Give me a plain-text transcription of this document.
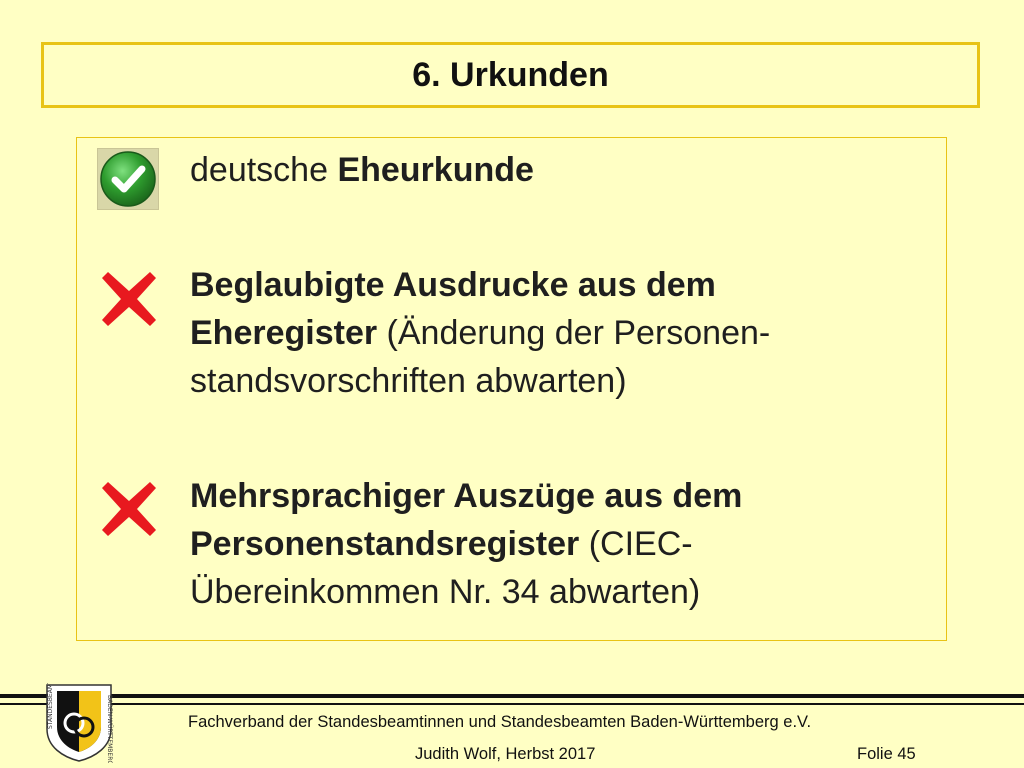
6. Urkunden
deutsche Eheurkunde
Beglaubigte Ausdrucke aus dem Eheregister (Änderung der Personen-standsvorschriften abwarten)
Mehrsprachiger Auszüge aus dem Personenstandsregister (CIEC-Übereinkommen Nr. 34 abwarten)
STANDESBEAMTE	BADEN-WÜRTTEMBERG	Fachverband der Standesbeamtinnen und Standesbeamten Baden-Württemberg e.V.
Judith Wolf, Herbst 2017	Folie 45
